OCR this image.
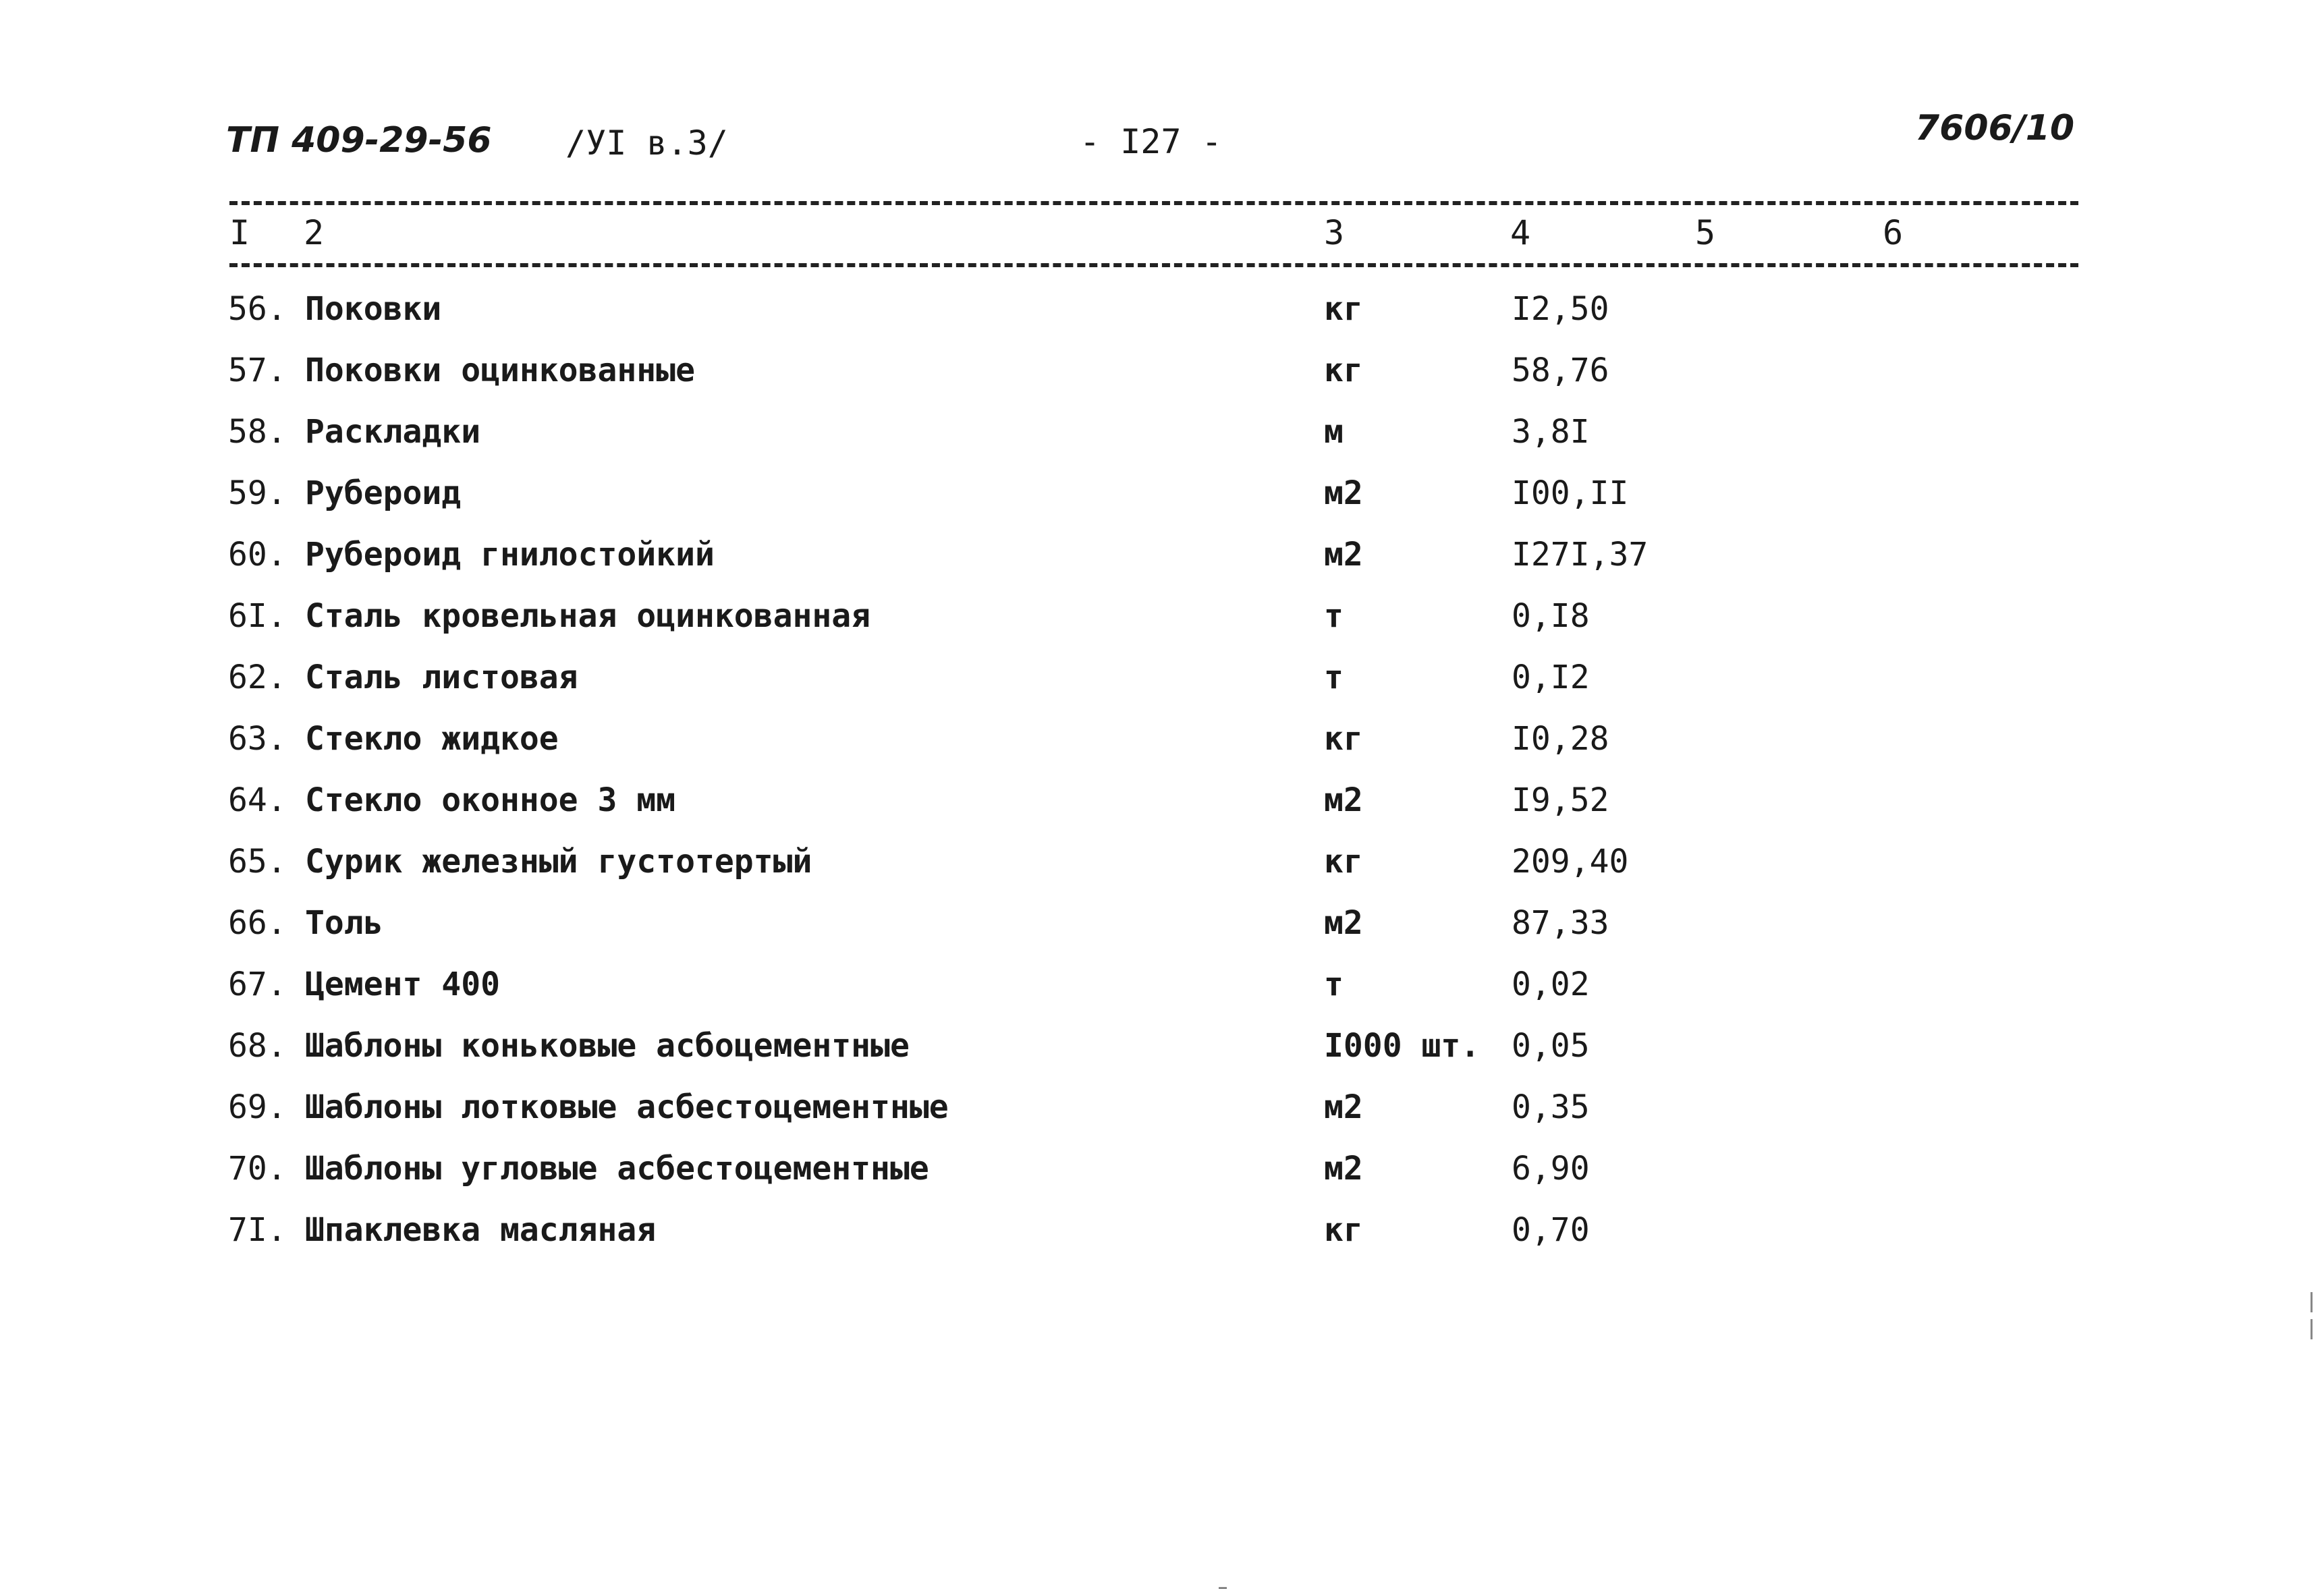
ТП 409-29-56 /УI в.3/	- I27 -	7606/10
I 2	3	4	5	6
56. Поковки	кг	I2,50
57. Поковки оцинкованные	кг	58,76
58. Раскладки	м	3,8I
59. Рубероид	м2	I00,II
60. Рубероид гнилостойкий	м2	I27I,37
6I. Сталь кровельная оцинкованная	т	0,I8
62. Сталь листовая	т	0,I2
63. Стекло жидкое	кг	I0,28
64. Стекло оконное 3 мм	м2	I9,52
65. Сурик железный густотертый	кг	209,40
66. Толь	м2	87,33
67. Цемент 400	т	0,02
68. Шаблоны коньковые асбоцементные	I000 шт. 0,05
69. Шаблоны лотковые асбестоцементные	м2	0,35
70. Шаблоны угловые асбестоцементные	м2	6,90
7I. Шпаклевка масляная	кг	0,70
